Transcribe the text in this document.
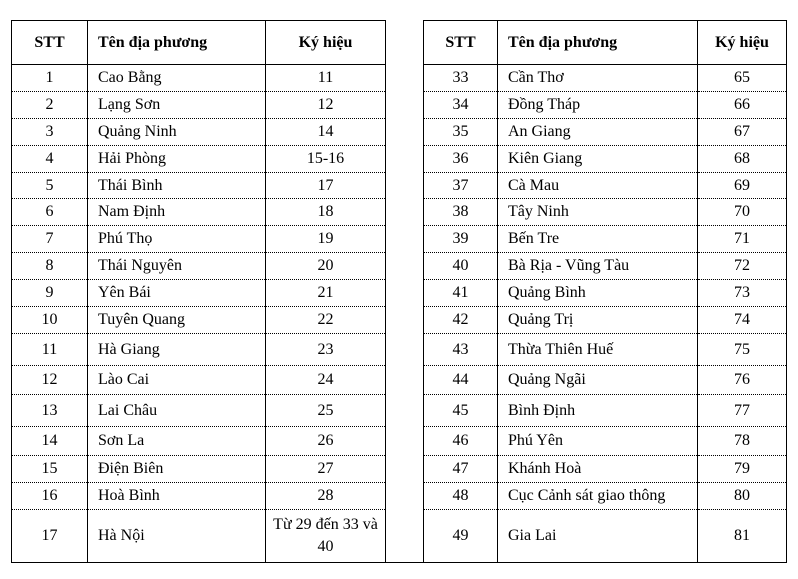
STT	Tên địa phương	Ký hiệu		STT	Tên địa phương	Ký hiệu
1	Cao Bằng	11		33	Cần Thơ	65
2	Lạng Sơn	12		34	Đồng Tháp	66
3	Quảng Ninh	14		35	An Giang	67
4	Hải Phòng	15-16		36	Kiên Giang	68
5	Thái Bình	17		37	Cà Mau	69
6	Nam Định	18		38	Tây Ninh	70
7	Phú Thọ	19		39	Bến Tre	71
8	Thái Nguyên	20		40	Bà Rịa - Vũng Tàu	72
9	Yên Bái	21		41	Quảng Bình	73
10	Tuyên Quang	22		42	Quảng Trị	74
11	Hà Giang	23		43	Thừa Thiên Huế	75
12	Lào Cai	24		44	Quảng Ngãi	76
13	Lai Châu	25		45	Bình Định	77
14	Sơn La	26		46	Phú Yên	78
15	Điện Biên	27		47	Khánh Hoà	79
16	Hoà Bình	28		48	Cục Cảnh sát giao thông	80
17	Hà Nội	Từ 29 đến 33 và 40		49	Gia Lai	81
